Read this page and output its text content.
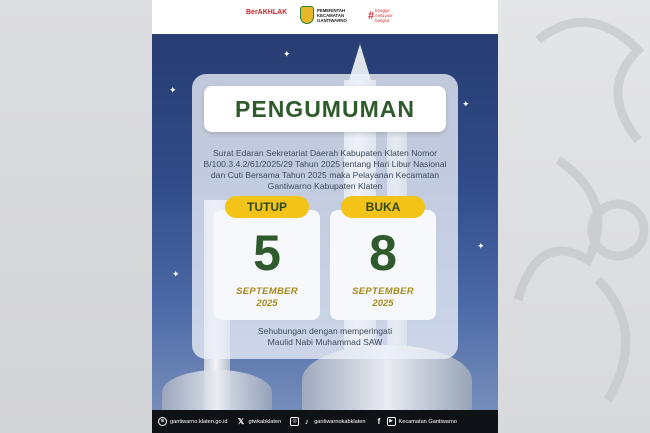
✦
✦
✦
✦
✦
BerAKHLAK	PEMERINTAH
KECAMATAN
GANTIWARNO # bangga
melayani
bangsa
PENGUMUMAN

Surat Edaran Sekretariat Daerah Kabupaten Klaten Nomor B/100.3.4.2/61/2025/29 Tahun 2025 tentang Hari Libur Nasional dan Cuti Bersama Tahun 2025 maka Pelayanan Kecamatan Gantiwarno Kabupaten Klaten

TUTUP
5
SEPTEMBER
2025
BUKA
8
SEPTEMBER
2025

Sehubungan dengan memperingati
Maulid Nabi Muhammad SAW

⊕ gantiwarno.klaten.go.id 𝕏 gtwkabklaten	◎ ♪ gantiwarnokabklaten	f	▶ Kecamatan Gantiwarno
